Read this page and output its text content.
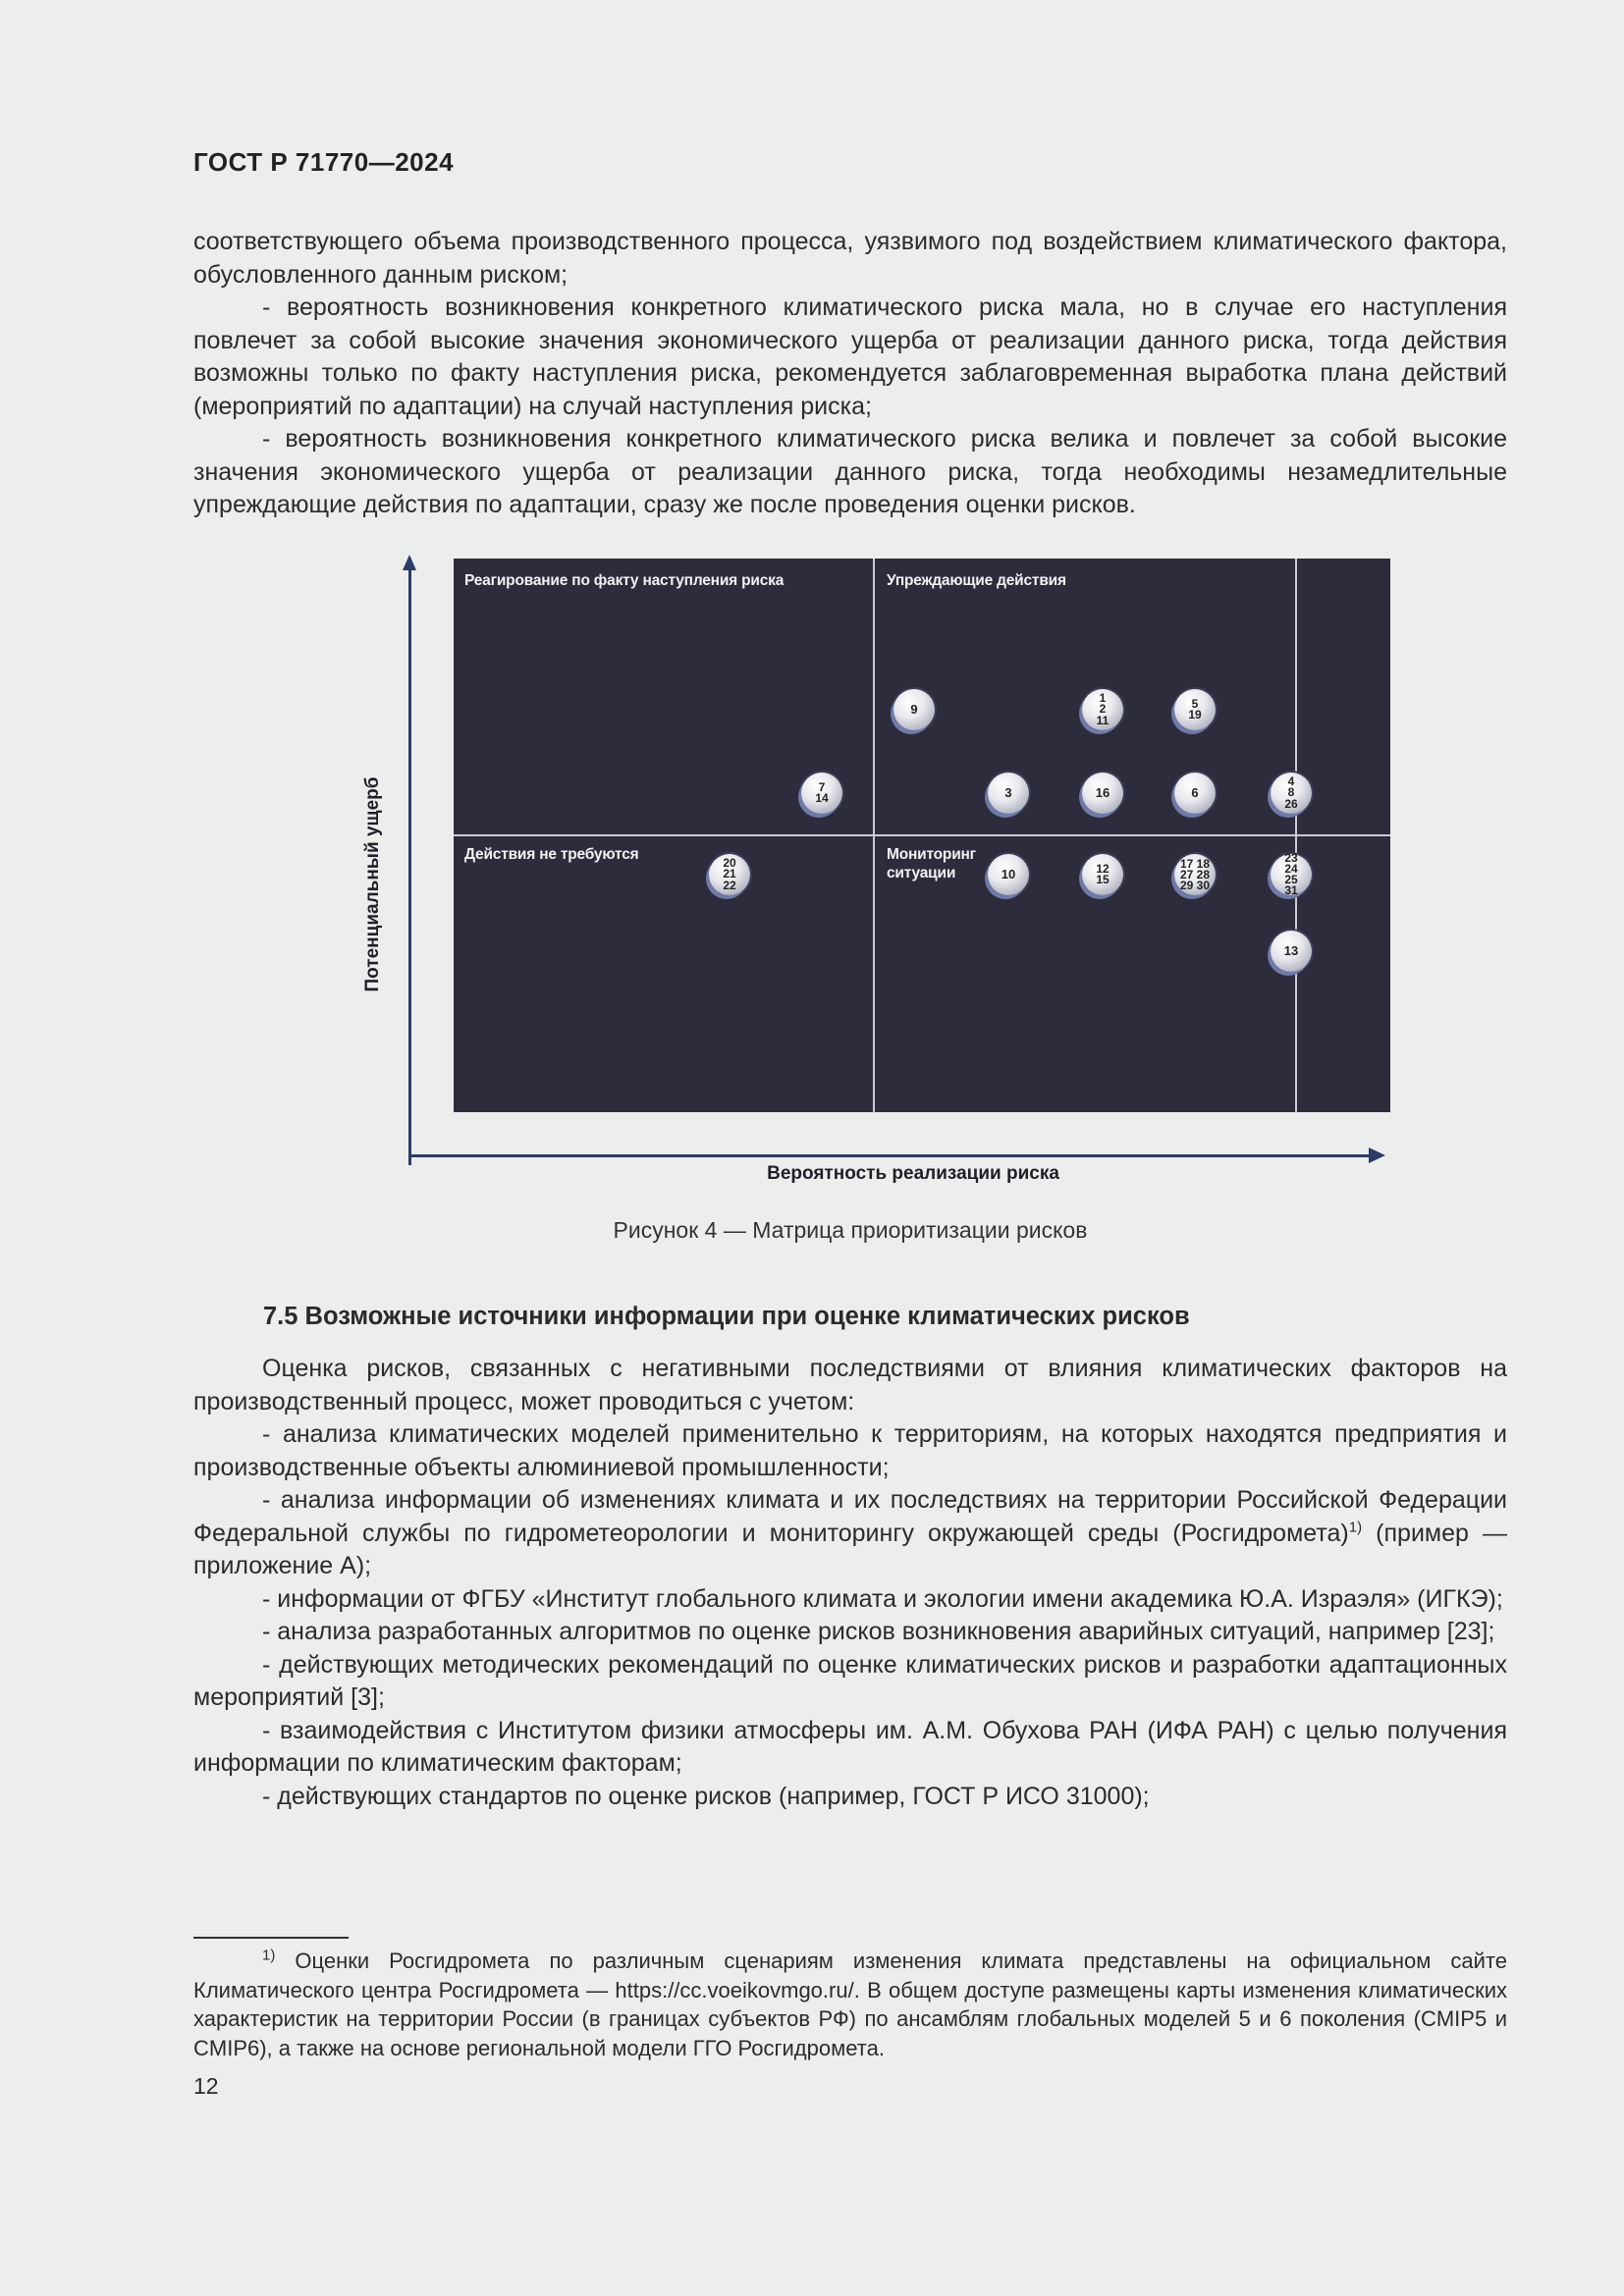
ГОСТ Р 71770—2024

соответствующего объема производственного процесса, уязвимого под воздействием климатического фактора, обусловленного данным риском;

- вероятность возникновения конкретного климатического риска мала, но в случае его наступления повлечет за собой высокие значения экономического ущерба от реализации данного риска, тогда действия возможны только по факту наступления риска, рекомендуется заблаговременная выработка плана действий (мероприятий по адаптации) на случай наступления риска;

- вероятность возникновения конкретного климатического риска велика и повлечет за собой высокие значения экономического ущерба от реализации данного риска, тогда необходимы незамедлительные упреждающие действия по адаптации, сразу же после проведения оценки рисков.

Потенциальный ущерб
Вероятность реализации риска
Реагирование по факту наступления риска	Упреждающие действия
Действия не требуются	Мониторинг ситуации
9
1
2
11
5
19
7
14	3	16	6
4
8
26
20
21
22
10	12
15
17 18
27 28
29 30
23
24
25
31
13
Рисунок 4 — Матрица приоритизации рисков
7.5 Возможные источники информации при оценке климатических рисков

Оценка рисков, связанных с негативными последствиями от влияния климатических факторов на производственный процесс, может проводиться с учетом:

- анализа климатических моделей применительно к территориям, на которых находятся предприятия и производственные объекты алюминиевой промышленности;

- анализа информации об изменениях климата и их последствиях на территории Российской Федерации Федеральной службы по гидрометеорологии и мониторингу окружающей среды (Росгидромета)$^{1)}$ (пример — приложение А);

- информации от ФГБУ «Институт глобального климата и экологии имени академика Ю.А. Израэля» (ИГКЭ);

- анализа разработанных алгоритмов по оценке рисков возникновения аварийных ситуаций, например [23];

- действующих методических рекомендаций по оценке климатических рисков и разработки адаптационных мероприятий [3];

- взаимодействия с Институтом физики атмосферы им. А.М. Обухова РАН (ИФА РАН) с целью получения информации по климатическим факторам;

- действующих стандартов по оценке рисков (например, ГОСТ Р ИСО 31000);

$^{1)}$ Оценки Росгидромета по различным сценариям изменения климата представлены на официальном сайте Климатического центра Росгидромета — https://cc.voeikovmgo.ru/. В общем доступе размещены карты изменения климатических характеристик на территории России (в границах субъектов РФ) по ансамблям глобальных моделей 5 и 6 поколения (CMIP5 и CMIP6), а также на основе региональной модели ГГО Росгидромета.

12
